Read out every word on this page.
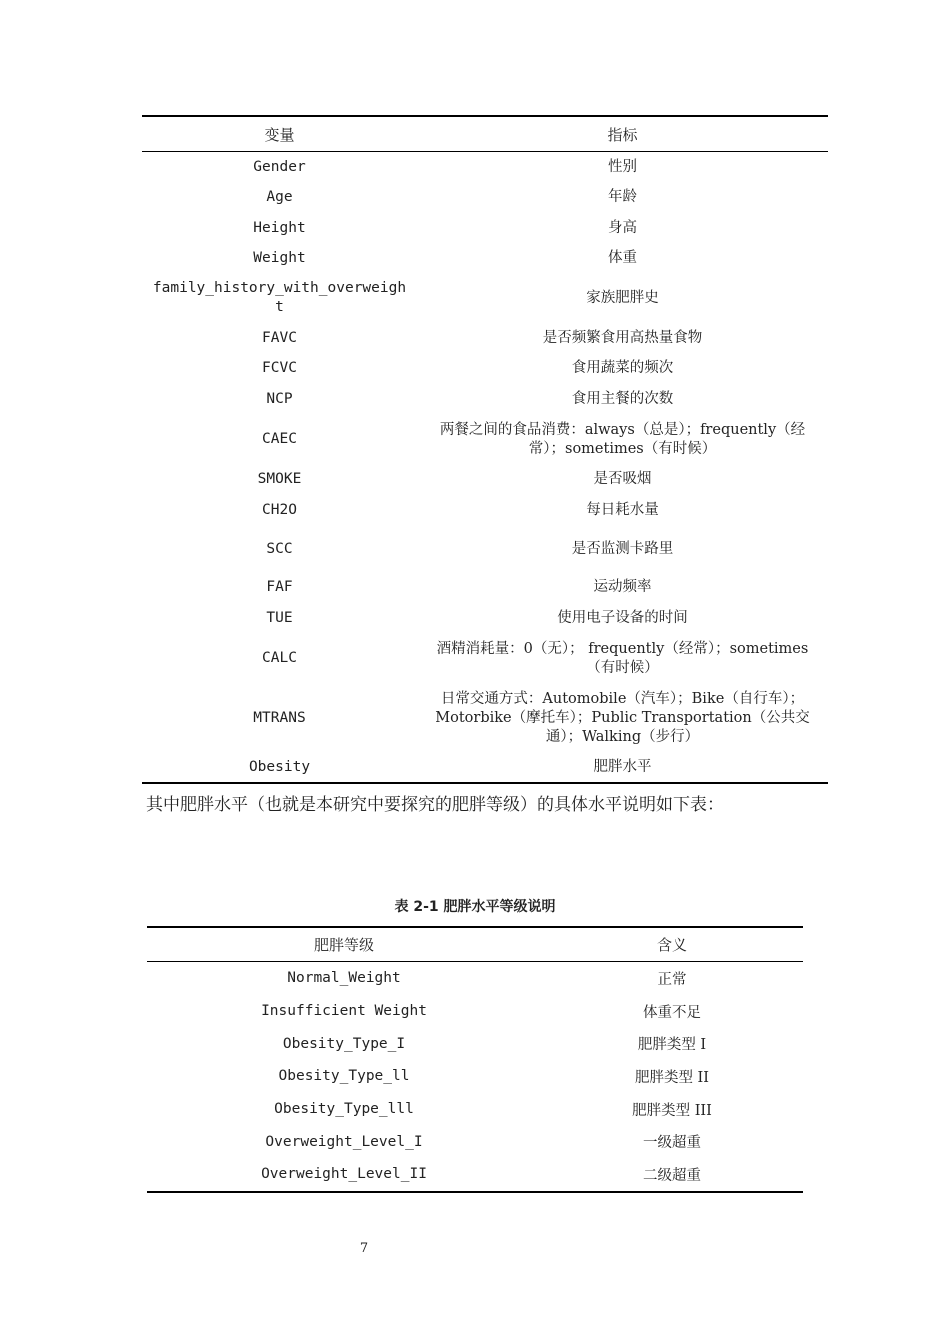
变量	指标
Gender	性别
Age	年龄
Height	身高
Weight	体重
family_history_with_overweigh
t	家族肥胖史
FAVC	是否频繁食用高热量食物
FCVC	食用蔬菜的频次
NCP	食用主餐的次数
CAEC	两餐之间的食品消费：always（总是）；frequently（经常）；sometimes（有时候）
SMOKE	是否吸烟
CH2O	每日耗水量
SCC	是否监测卡路里
FAF	运动频率
TUE	使用电子设备的时间
CALC	酒精消耗量：0（无）； frequently（经常）；sometimes（有时候）
MTRANS	日常交通方式：Automobile（汽车）；Bike（自行车）；Motorbike（摩托车）；Public Transportation（公共交通）；Walking（步行）
Obesity	肥胖水平
其中肥胖水平（也就是本研究中要探究的肥胖等级）的具体水平说明如下表：
表 2-1 肥胖水平等级说明
肥胖等级	含义
Normal_Weight	正常
Insufficient Weight	体重不足
Obesity_Type_I	肥胖类型 I
Obesity_Type_ll	肥胖类型 II
Obesity_Type_lll	肥胖类型 III
Overweight_Level_I	一级超重
Overweight_Level_II	二级超重
7
